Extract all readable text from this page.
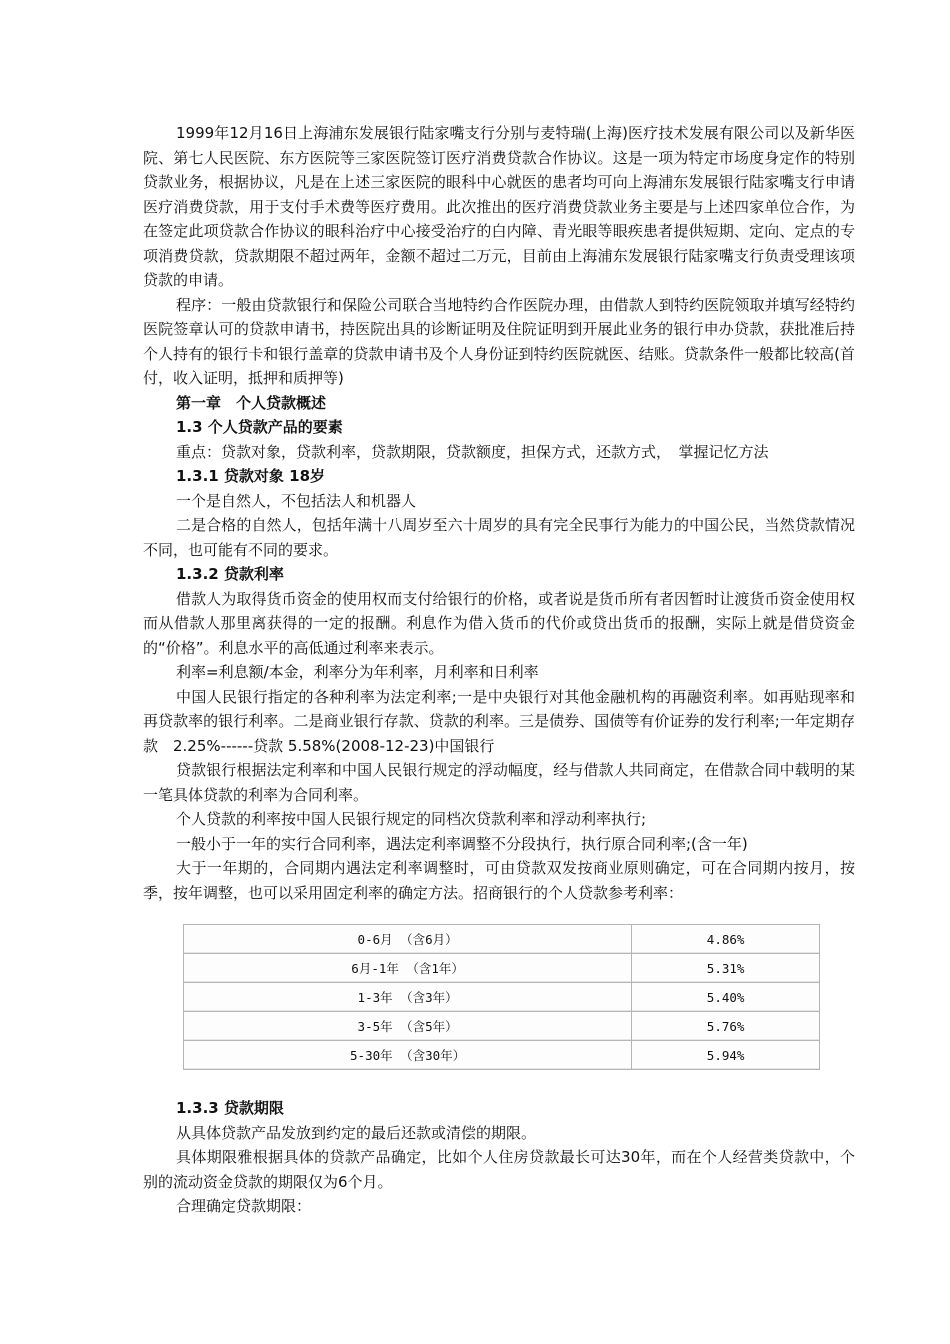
1999年12月16日上海浦东发展银行陆家嘴支行分别与麦特瑞(上海)医疗技术发展有限公司以及新华医院、第七人民医院、东方医院等三家医院签订医疗消费贷款合作协议。这是一项为特定市场度身定作的特别贷款业务，根据协议，凡是在上述三家医院的眼科中心就医的患者均可向上海浦东发展银行陆家嘴支行申请医疗消费贷款，用于支付手术费等医疗费用。此次推出的医疗消费贷款业务主要是与上述四家单位合作，为在签定此项贷款合作协议的眼科治疗中心接受治疗的白内障、青光眼等眼疾患者提供短期、定向、定点的专项消费贷款，贷款期限不超过两年，金额不超过二万元，目前由上海浦东发展银行陆家嘴支行负责受理该项贷款的申请。

程序：一般由贷款银行和保险公司联合当地特约合作医院办理，由借款人到特约医院领取并填写经特约医院签章认可的贷款申请书，持医院出具的诊断证明及住院证明到开展此业务的银行申办贷款，获批准后持个人持有的银行卡和银行盖章的贷款申请书及个人身份证到特约医院就医、结账。贷款条件一般都比较高(首付，收入证明，抵押和质押等)

第一章　个人贷款概述

1.3 个人贷款产品的要素

重点：贷款对象，贷款利率，贷款期限，贷款额度，担保方式，还款方式，　掌握记忆方法

1.3.1 贷款对象 18岁

一个是自然人，不包括法人和机器人

二是合格的自然人，包括年满十八周岁至六十周岁的具有完全民事行为能力的中国公民，当然贷款情况不同，也可能有不同的要求。

1.3.2 贷款利率

借款人为取得货币资金的使用权而支付给银行的价格，或者说是货币所有者因暂时让渡货币资金使用权而从借款人那里离获得的一定的报酬。利息作为借入货币的代价或贷出货币的报酬，实际上就是借贷资金的“价格”。利息水平的高低通过利率来表示。

利率=利息额/本金，利率分为年利率，月利率和日利率

中国人民银行指定的各种利率为法定利率;一是中央银行对其他金融机构的再融资利率。如再贴现率和再贷款率的银行利率。二是商业银行存款、贷款的利率。三是债券、国债等有价证券的发行利率;一年定期存款　2.25%------贷款 5.58%(2008-12-23)中国银行

贷款银行根据法定利率和中国人民银行规定的浮动幅度，经与借款人共同商定，在借款合同中载明的某一笔具体贷款的利率为合同利率。

个人贷款的利率按中国人民银行规定的同档次贷款利率和浮动利率执行;

一般小于一年的实行合同利率，遇法定利率调整不分段执行，执行原合同利率;(含一年)

大于一年期的，合同期内遇法定利率调整时，可由贷款双发按商业原则确定，可在合同期内按月，按季，按年调整，也可以采用固定利率的确定方法。招商银行的个人贷款参考利率：

0-6月 （含6月）	4.86%
6月-1年 （含1年）	5.31%
1-3年 （含3年）	5.40%
3-5年 （含5年）	5.76%
5-30年 （含30年）	5.94%

1.3.3 贷款期限

从具体贷款产品发放到约定的最后还款或清偿的期限。

具体期限雅根据具体的贷款产品确定，比如个人住房贷款最长可达30年，而在个人经营类贷款中，个别的流动资金贷款的期限仅为6个月。

合理确定贷款期限：
